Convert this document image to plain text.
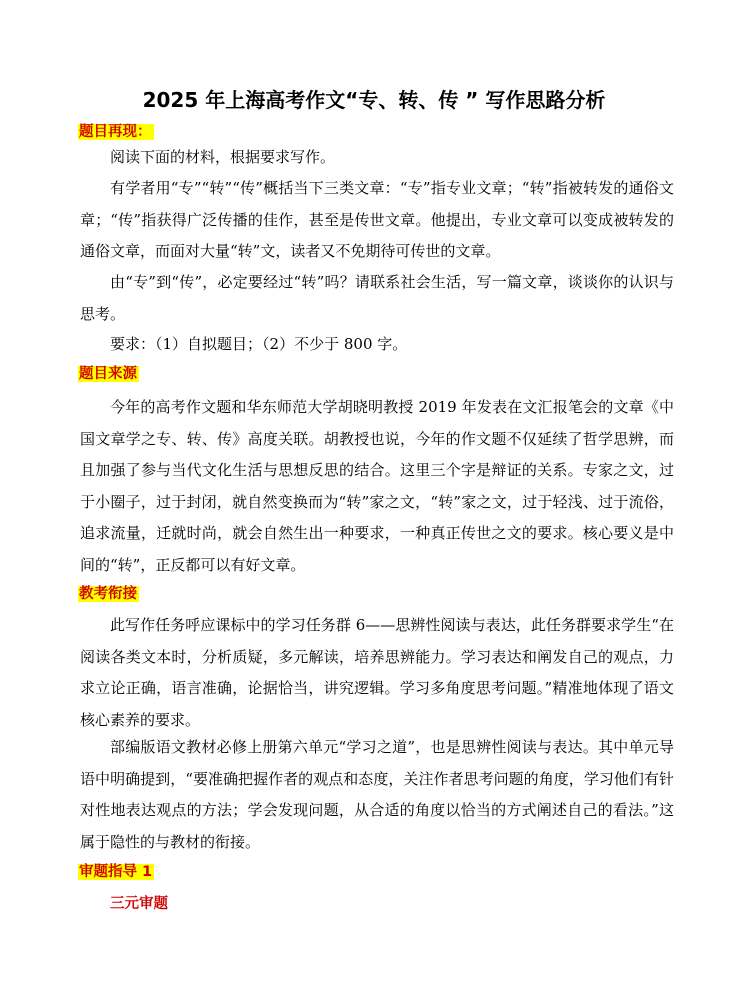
2025 年上海高考作文“专、转、传 ” 写作思路分析
题目再现：
阅读下面的材料，根据要求写作。
有学者用“专”“转”“传”概括当下三类文章：“专”指专业文章；“转”指被转发的通俗文章；“传”指获得广泛传播的佳作，甚至是传世文章。他提出，专业文章可以变成被转发的通俗文章，而面对大量“转”文，读者又不免期待可传世的文章。
由“专”到“传”，必定要经过“转”吗？请联系社会生活，写一篇文章，谈谈你的认识与思考。
要求：（1）自拟题目；（2）不少于 800 字。
题目来源
今年的高考作文题和华东师范大学胡晓明教授 2019 年发表在文汇报笔会的文章《中国文章学之专、转、传》高度关联。胡教授也说，今年的作文题不仅延续了哲学思辨，而且加强了参与当代文化生活与思想反思的结合。这里三个字是辩证的关系。专家之文，过于小圈子，过于封闭，就自然变换而为“转”家之文，“转”家之文，过于轻浅、过于流俗，追求流量，迁就时尚，就会自然生出一种要求，一种真正传世之文的要求。核心要义是中间的“转”，正反都可以有好文章。
教考衔接
此写作任务呼应课标中的学习任务群 6——思辨性阅读与表达，此任务群要求学生“在阅读各类文本时，分析质疑，多元解读，培养思辨能力。学习表达和阐发自己的观点，力求立论正确，语言准确，论据恰当，讲究逻辑。学习多角度思考问题。”精准地体现了语文核心素养的要求。
部编版语文教材必修上册第六单元“学习之道”，也是思辨性阅读与表达。其中单元导语中明确提到，“要准确把握作者的观点和态度，关注作者思考问题的角度，学习他们有针对性地表达观点的方法；学会发现问题，从合适的角度以恰当的方式阐述自己的看法。”这属于隐性的与教材的衔接。
审题指导 1
三元审题
